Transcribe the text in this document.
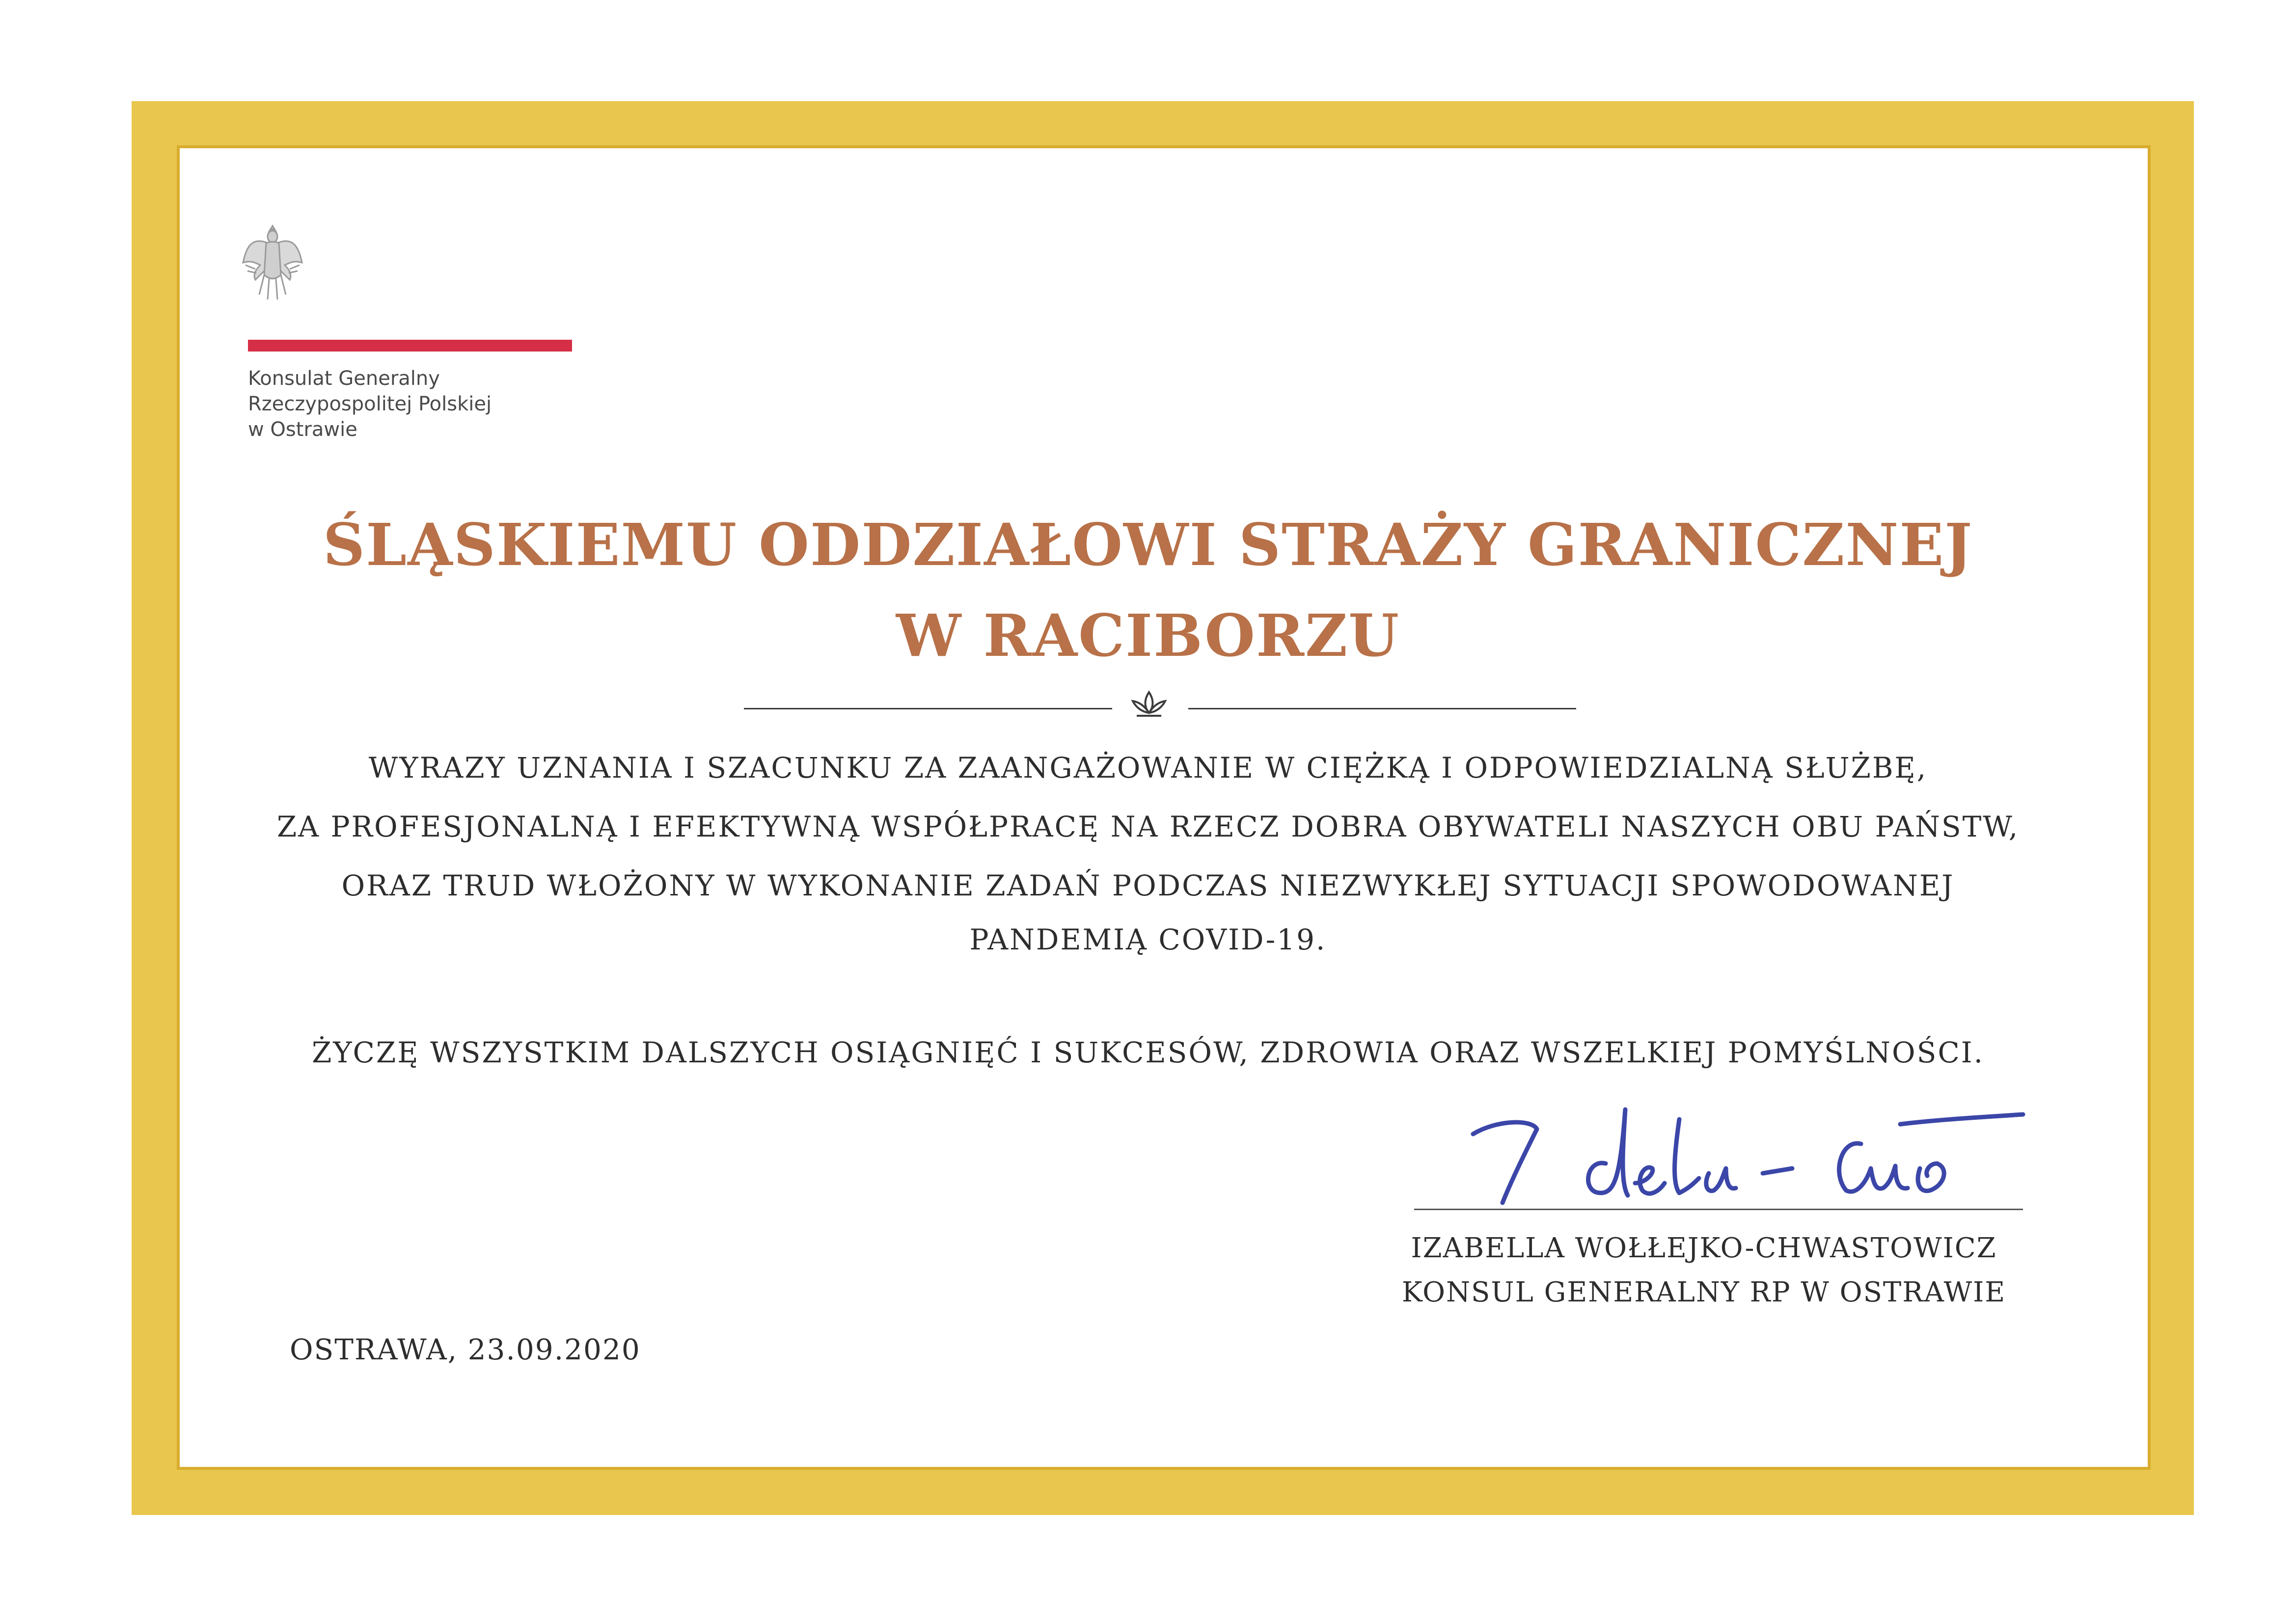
Konsulat Generalny
Rzeczypospolitej Polskiej
w Ostrawie
ŚLĄSKIEMU ODDZIAŁOWI STRAŻY GRANICZNEJ
W RACIBORZU
WYRAZY UZNANIA I SZACUNKU ZA ZAANGAŻOWANIE W CIĘŻKĄ I ODPOWIEDZIALNĄ SŁUŻBĘ,
ZA PROFESJONALNĄ I EFEKTYWNĄ WSPÓŁPRACĘ NA RZECZ DOBRA OBYWATELI NASZYCH OBU PAŃSTW,
ORAZ TRUD WŁOŻONY W WYKONANIE ZADAŃ PODCZAS NIEZWYKŁEJ SYTUACJI SPOWODOWANEJ
PANDEMIĄ COVID-19.
ŻYCZĘ WSZYSTKIM DALSZYCH OSIĄGNIĘĆ I SUKCESÓW, ZDROWIA ORAZ WSZELKIEJ POMYŚLNOŚCI.
IZABELLA WOŁŁEJKO-CHWASTOWICZ
KONSUL GENERALNY RP W OSTRAWIE
OSTRAWA, 23.09.2020
